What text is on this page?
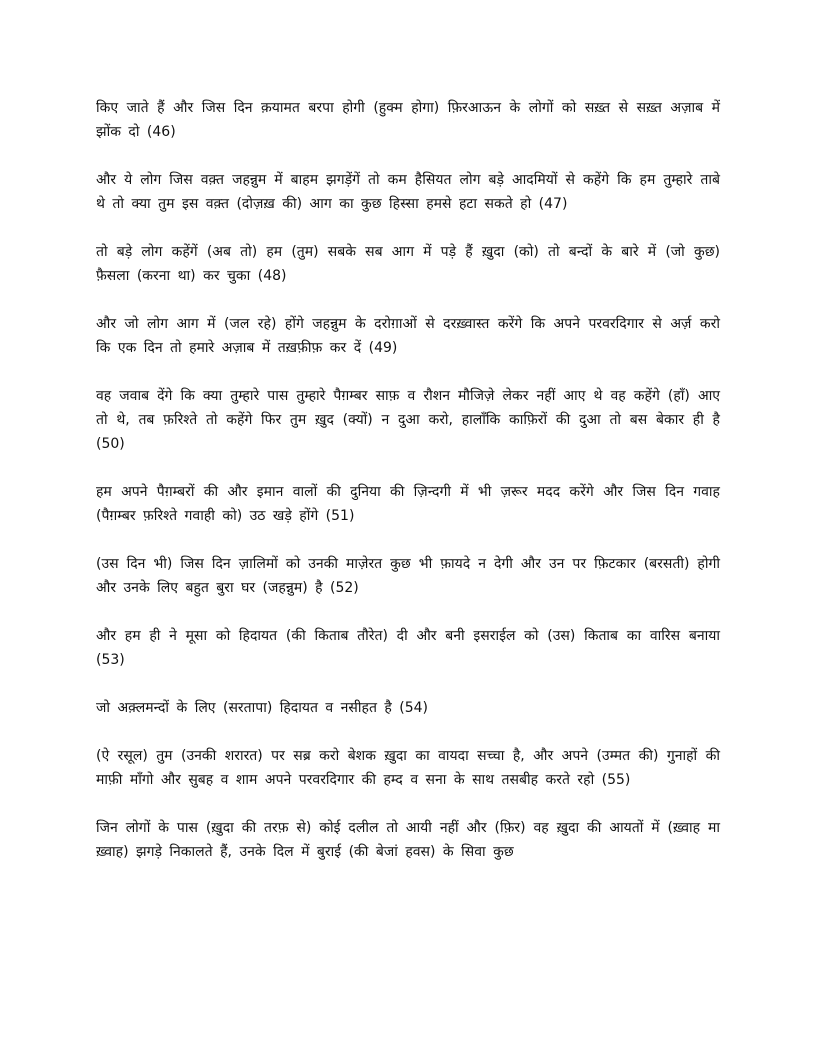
किए जाते हैं और जिस दिन क़यामत बरपा होगी (हुक्म होगा) फ़िरआऊन के लोगों को सख़्त से सख़्त अज़ाब में झोंक दो (46)

और ये लोग जिस वक़्त जहन्नुम में बाहम झगड़ेंगें तो कम हैसियत लोग बड़े आदमियों से कहेंगे कि हम तुम्हारे ताबे थे तो क्या तुम इस वक़्त (दोज़ख़ की) आग का कुछ हिस्सा हमसे हटा सकते हो (47)

तो बड़े लोग कहेंगें (अब तो) हम (तुम) सबके सब आग में पड़े हैं ख़ुदा (को) तो बन्दों के बारे में (जो कुछ) फ़ैसला (करना था) कर चुका (48)

और जो लोग आग में (जल रहे) होंगे जहन्नुम के दरोग़ाओं से दरख़्वास्त करेंगे कि अपने परवरदिगार से अर्ज़ करो कि एक दिन तो हमारे अज़ाब में तख़फ़ीफ़ कर दें (49)

वह जवाब देंगे कि क्या तुम्हारे पास तुम्हारे पैग़म्बर साफ़ व रौशन मौजिज़े लेकर नहीं आए थे वह कहेंगे (हाँ) आए तो थे, तब फ़रिश्ते तो कहेंगे फिर तुम ख़ुद (क्यों) न दुआ करो, हालाँकि काफ़िरों की दुआ तो बस बेकार ही है (50)

हम अपने पैग़म्बरों की और इमान वालों की दुनिया की ज़िन्दगी में भी ज़रूर मदद करेंगे और जिस दिन गवाह (पैग़म्बर फ़रिश्ते गवाही को) उठ खड़े होंगे (51)

(उस दिन भी) जिस दिन ज़ालिमों को उनकी माज़ेरत कुछ भी फ़ायदे न देगी और उन पर फ़िटकार (बरसती) होगी और उनके लिए बहुत बुरा घर (जहन्नुम) है (52)

और हम ही ने मूसा को हिदायत (की किताब तौरेत) दी और बनी इसराईल को (उस) किताब का वारिस बनाया (53)

जो अक़्लमन्दों के लिए (सरतापा) हिदायत व नसीहत है (54)

(ऐ रसूल) तुम (उनकी शरारत) पर सब्र करो बेशक ख़ुदा का वायदा सच्चा है, और अपने (उम्मत की) गुनाहों की माफ़ी माँगो और सुबह व शाम अपने परवरदिगार की हम्द व सना के साथ तसबीह करते रहो (55)

जिन लोगों के पास (ख़ुदा की तरफ़ से) कोई दलील तो आयी नहीं और (फ़िर) वह ख़ुदा की आयतों में (ख़्वाह मा ख़्वाह) झगड़े निकालते हैं, उनके दिल में बुराई (की बेजां हवस) के सिवा कुछ
